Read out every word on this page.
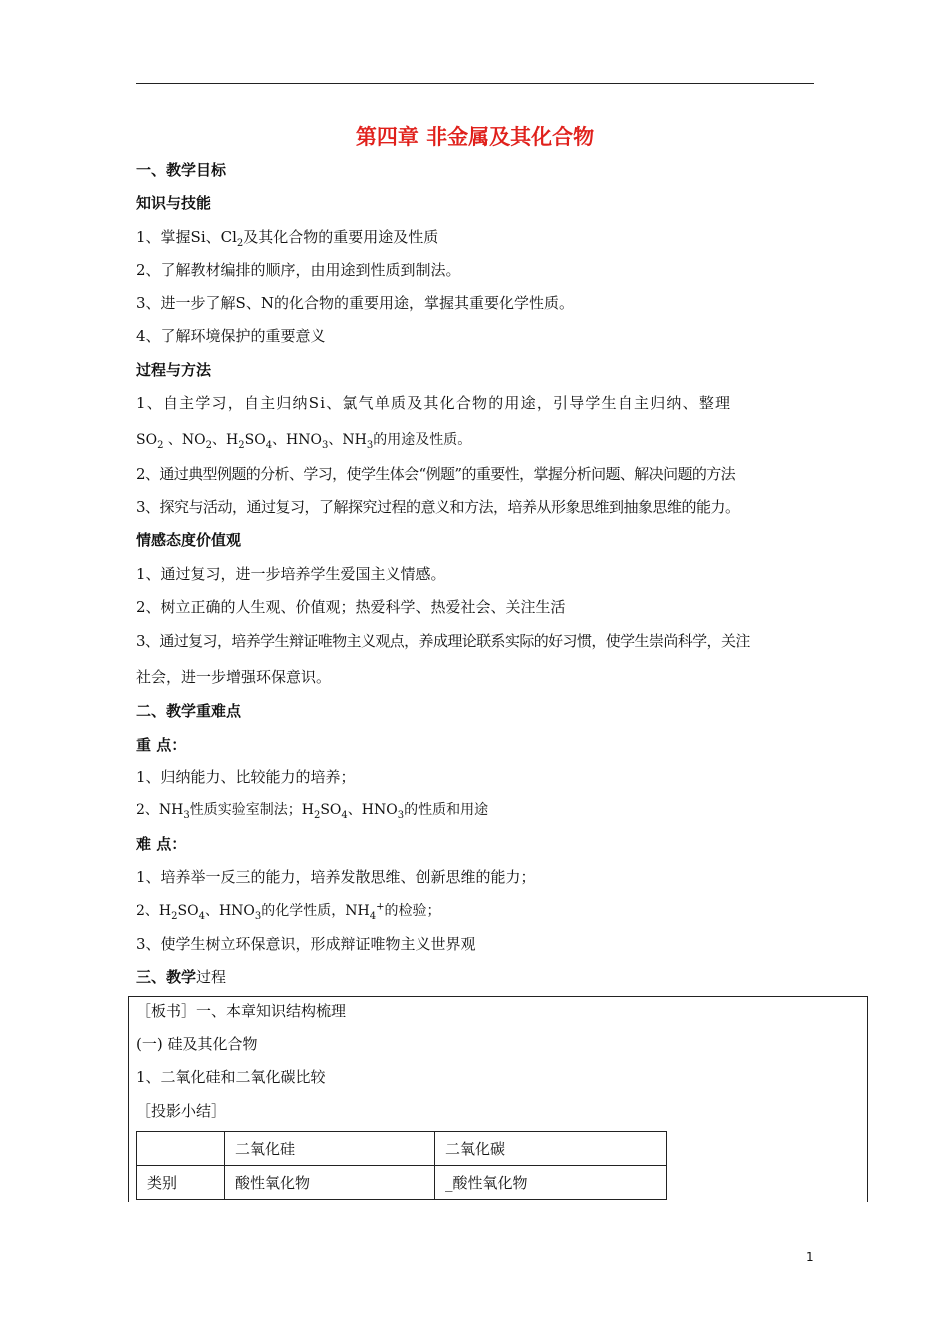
第四章 非金属及其化合物
一、教学目标
知识与技能
1、掌握Si、$Cl_2$及其化合物的重要用途及性质
2、了解教材编排的顺序，由用途到性质到制法。
3、进一步了解S、N的化合物的重要用途，掌握其重要化学性质。
4、了解环境保护的重要意义
过程与方法
1、自主学习，自主归纳Si、氯气单质及其化合物的用途，引导学生自主归纳、整理
$SO_2$ 、$NO_2$、$H_2SO_4$、$HNO_3$、$NH_3$的用途及性质。
2、通过典型例题的分析、学习，使学生体会“例题”的重要性，掌握分析问题、解决问题的方法
3、探究与活动，通过复习，了解探究过程的意义和方法，培养从形象思维到抽象思维的能力。
情感态度价值观
1、通过复习，进一步培养学生爱国主义情感。
2、树立正确的人生观、价值观；热爱科学、热爱社会、关注生活
3、通过复习，培养学生辩证唯物主义观点，养成理论联系实际的好习惯，使学生崇尚科学，关注
社会，进一步增强环保意识。
二、教学重难点
重 点：
1、归纳能力、比较能力的培养；
2、$NH_3$性质实验室制法；$H_2SO_4$、$HNO_3$的性质和用途
难 点：
1、培养举一反三的能力，培养发散思维、创新思维的能力；
2、$H_2SO_4$、$HNO_3$的化学性质，$NH_4^+$的检验；
3、使学生树立环保意识，形成辩证唯物主义世界观
三、教学过程
［板书］一、本章知识结构梳理
(一) 硅及其化合物
1、二氧化硅和二氧化碳比较
［投影小结］
	二氧化硅	二氧化碳
类别	酸性氧化物	_酸性氧化物
1
